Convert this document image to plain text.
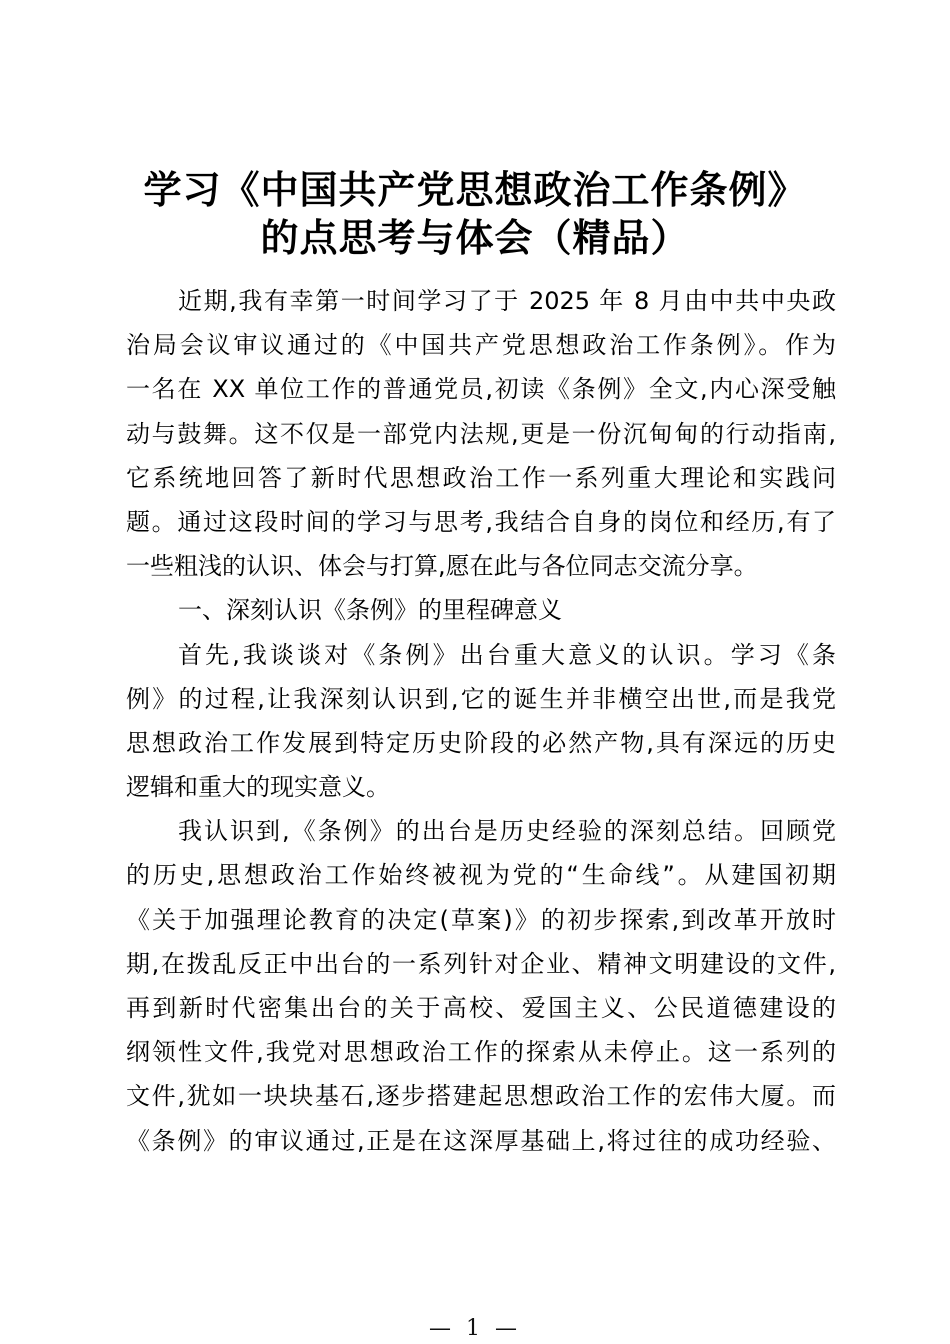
学习《中国共产党思想政治工作条例》
的点思考与体会（精品）
近期,我有幸第一时间学习了于 2025 年 8 月由中共中央政
治局会议审议通过的《中国共产党思想政治工作条例》。作为
一名在 XX 单位工作的普通党员,初读《条例》全文,内心深受触
动与鼓舞。这不仅是一部党内法规,更是一份沉甸甸的行动指南,
它系统地回答了新时代思想政治工作一系列重大理论和实践问
题。通过这段时间的学习与思考,我结合自身的岗位和经历,有了
一些粗浅的认识、体会与打算,愿在此与各位同志交流分享。
一、深刻认识《条例》的里程碑意义
首先,我谈谈对《条例》出台重大意义的认识。学习《条
例》的过程,让我深刻认识到,它的诞生并非横空出世,而是我党
思想政治工作发展到特定历史阶段的必然产物,具有深远的历史
逻辑和重大的现实意义。
我认识到,《条例》的出台是历史经验的深刻总结。回顾党
的历史,思想政治工作始终被视为党的“生命线”。从建国初期
《关于加强理论教育的决定(草案)》的初步探索,到改革开放时
期,在拨乱反正中出台的一系列针对企业、精神文明建设的文件,
再到新时代密集出台的关于高校、爱国主义、公民道德建设的
纲领性文件,我党对思想政治工作的探索从未停止。这一系列的
文件,犹如一块块基石,逐步搭建起思想政治工作的宏伟大厦。而
《条例》的审议通过,正是在这深厚基础上,将过往的成功经验、
— 1 —
